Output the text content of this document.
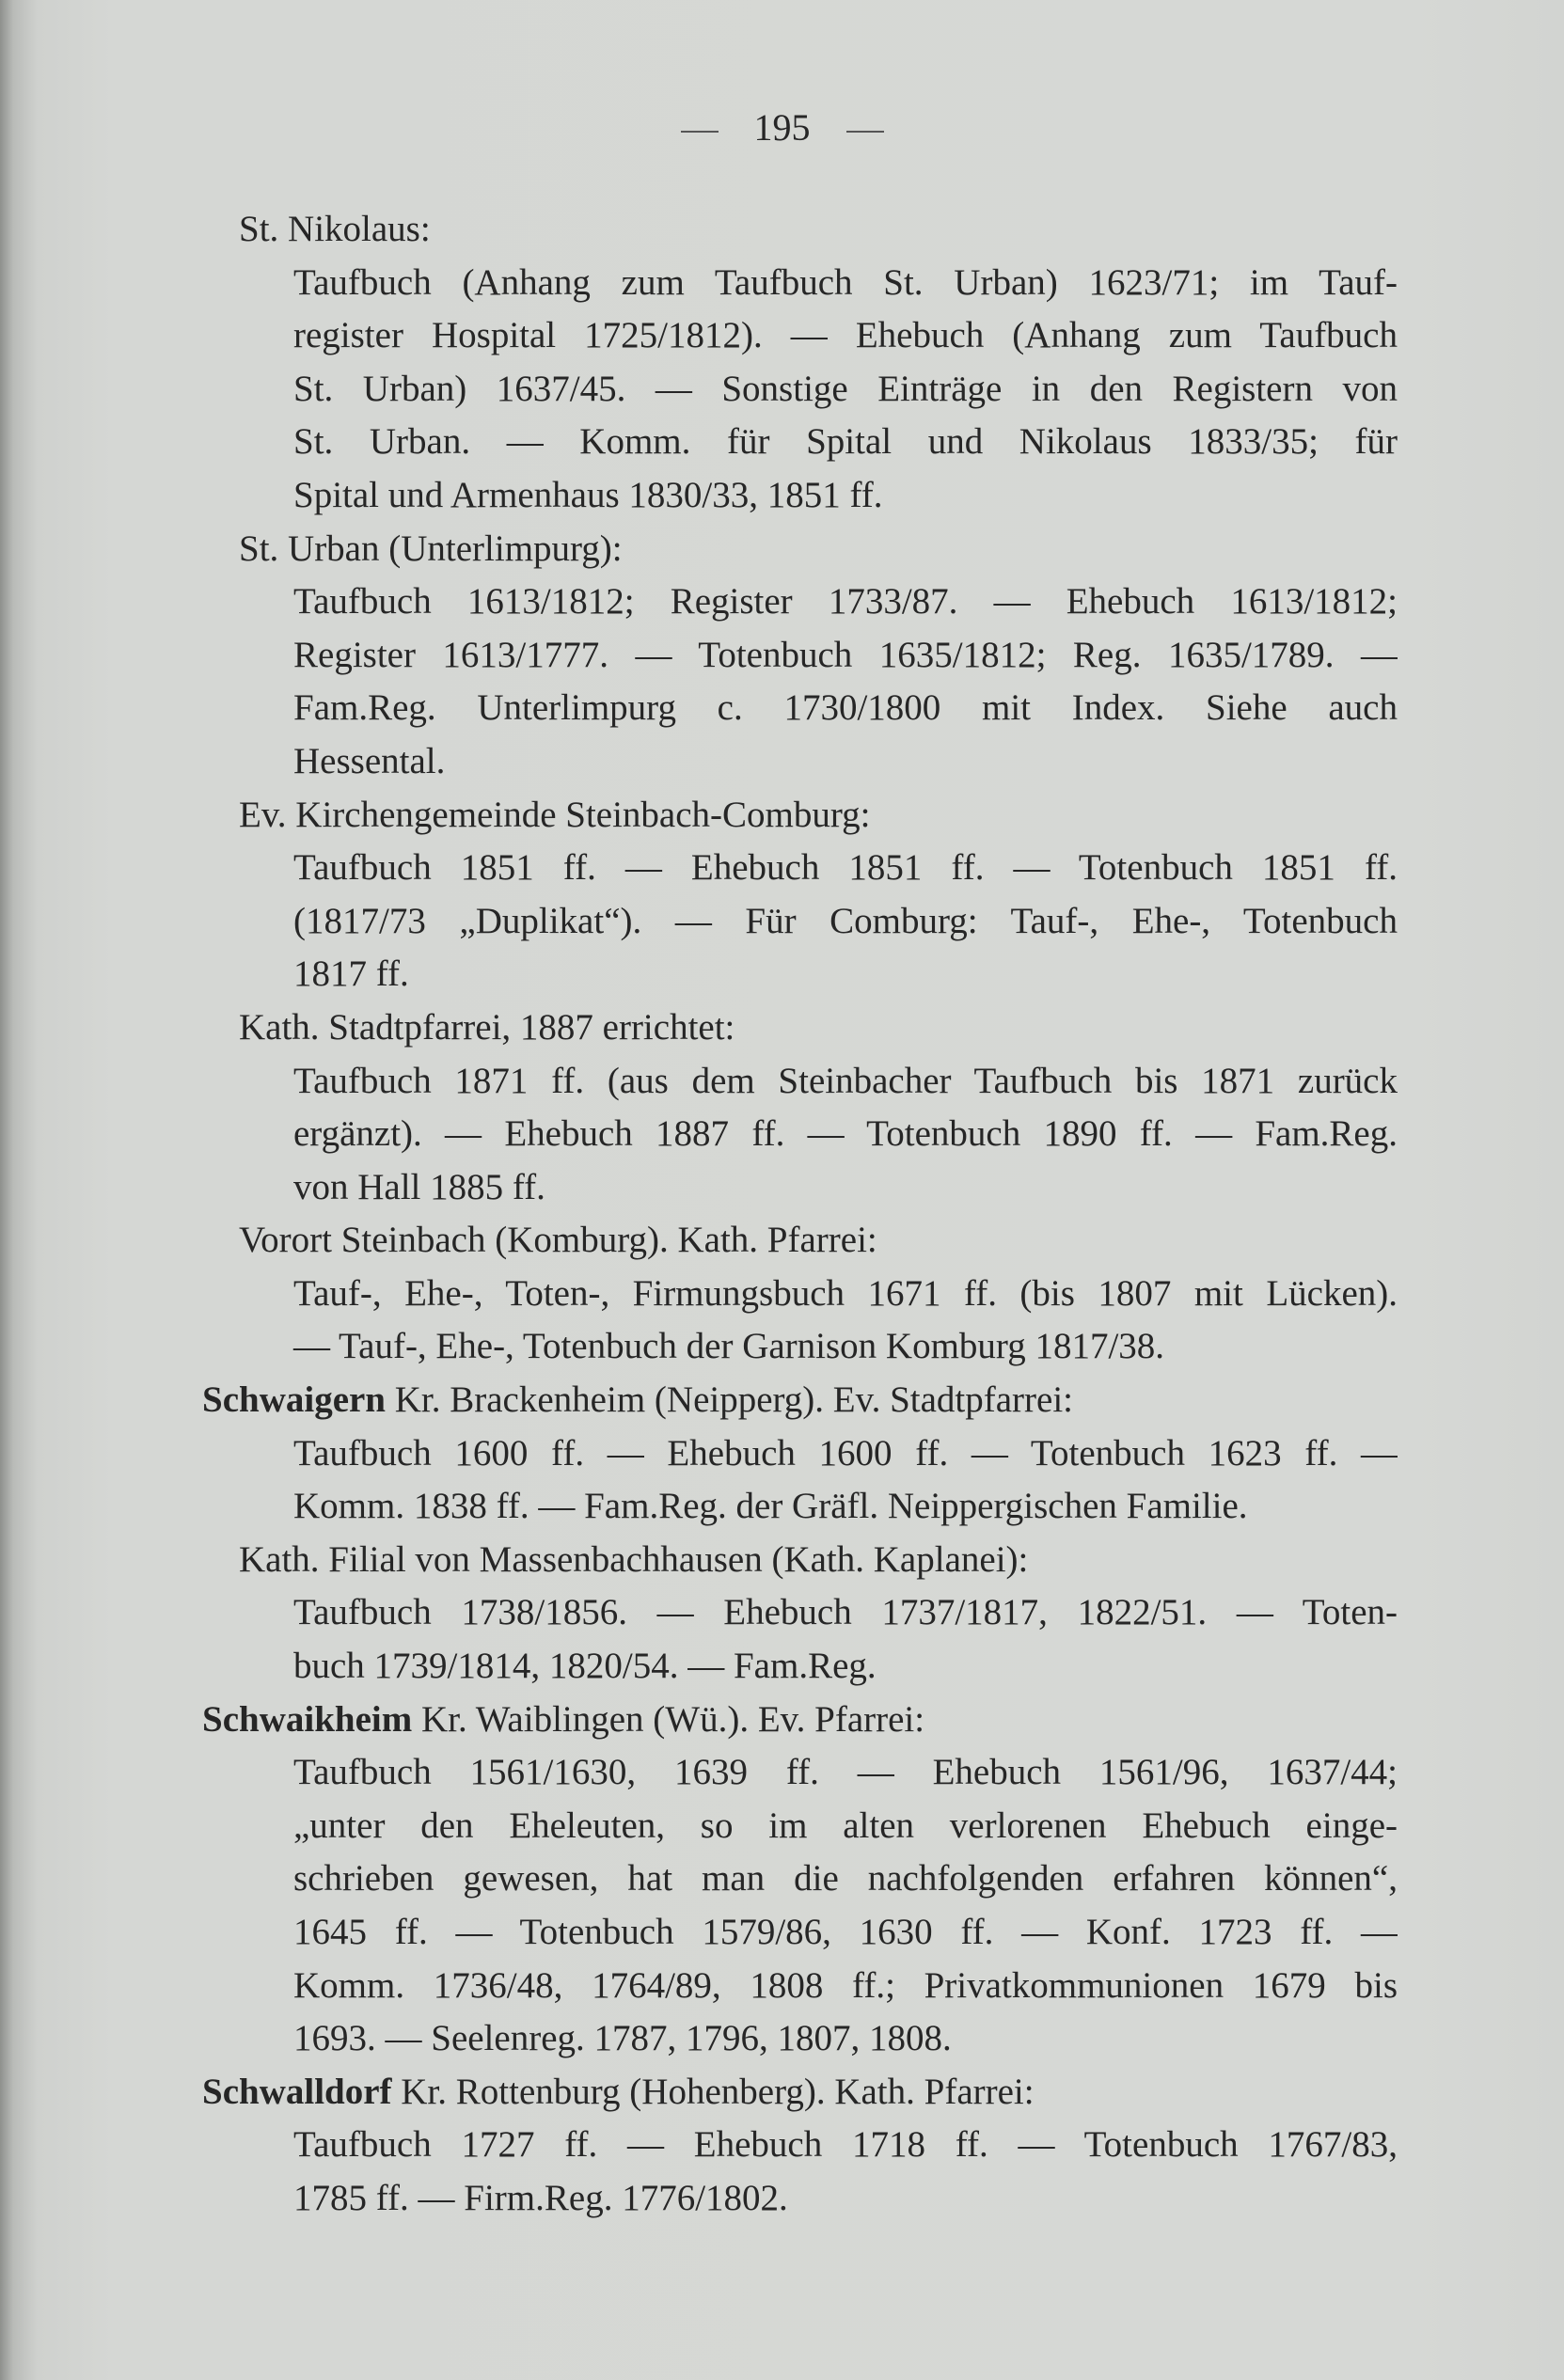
195
St. Nikolaus:
Taufbuch (Anhang zum Taufbuch St. Urban) 1623/71; im Tauf-
register Hospital 1725/1812). — Ehebuch (Anhang zum Taufbuch
St. Urban) 1637/45. — Sonstige Einträge in den Registern von
St. Urban. — Komm. für Spital und Nikolaus 1833/35; für
Spital und Armenhaus 1830/33, 1851 ff.
St. Urban (Unterlimpurg):
Taufbuch 1613/1812; Register 1733/87. — Ehebuch 1613/1812;
Register 1613/1777. — Totenbuch 1635/1812; Reg. 1635/1789. —
Fam.Reg. Unterlimpurg c. 1730/1800 mit Index. Siehe auch
Hessental.
Ev. Kirchengemeinde Steinbach-Comburg:
Taufbuch 1851 ff. — Ehebuch 1851 ff. — Totenbuch 1851 ff.
(1817/73 „Duplikat“). — Für Comburg: Tauf-, Ehe-, Totenbuch
1817 ff.
Kath. Stadtpfarrei, 1887 errichtet:
Taufbuch 1871 ff. (aus dem Steinbacher Taufbuch bis 1871 zurück
ergänzt). — Ehebuch 1887 ff. — Totenbuch 1890 ff. — Fam.Reg.
von Hall 1885 ff.
Vorort Steinbach (Komburg). Kath. Pfarrei:
Tauf-, Ehe-, Toten-, Firmungsbuch 1671 ff. (bis 1807 mit Lücken).
— Tauf-, Ehe-, Totenbuch der Garnison Komburg 1817/38.
Schwaigern Kr. Brackenheim (Neipperg). Ev. Stadtpfarrei:
Taufbuch 1600 ff. — Ehebuch 1600 ff. — Totenbuch 1623 ff. —
Komm. 1838 ff. — Fam.Reg. der Gräfl. Neippergischen Familie.
Kath. Filial von Massenbachhausen (Kath. Kaplanei):
Taufbuch 1738/1856. — Ehebuch 1737/1817, 1822/51. — Toten-
buch 1739/1814, 1820/54. — Fam.Reg.
Schwaikheim Kr. Waiblingen (Wü.). Ev. Pfarrei:
Taufbuch 1561/1630, 1639 ff. — Ehebuch 1561/96, 1637/44;
„unter den Eheleuten, so im alten verlorenen Ehebuch einge-
schrieben gewesen, hat man die nachfolgenden erfahren können“,
1645 ff. — Totenbuch 1579/86, 1630 ff. — Konf. 1723 ff. —
Komm. 1736/48, 1764/89, 1808 ff.; Privatkommunionen 1679 bis
1693. — Seelenreg. 1787, 1796, 1807, 1808.
Schwalldorf Kr. Rottenburg (Hohenberg). Kath. Pfarrei:
Taufbuch 1727 ff. — Ehebuch 1718 ff. — Totenbuch 1767/83,
1785 ff. — Firm.Reg. 1776/1802.
